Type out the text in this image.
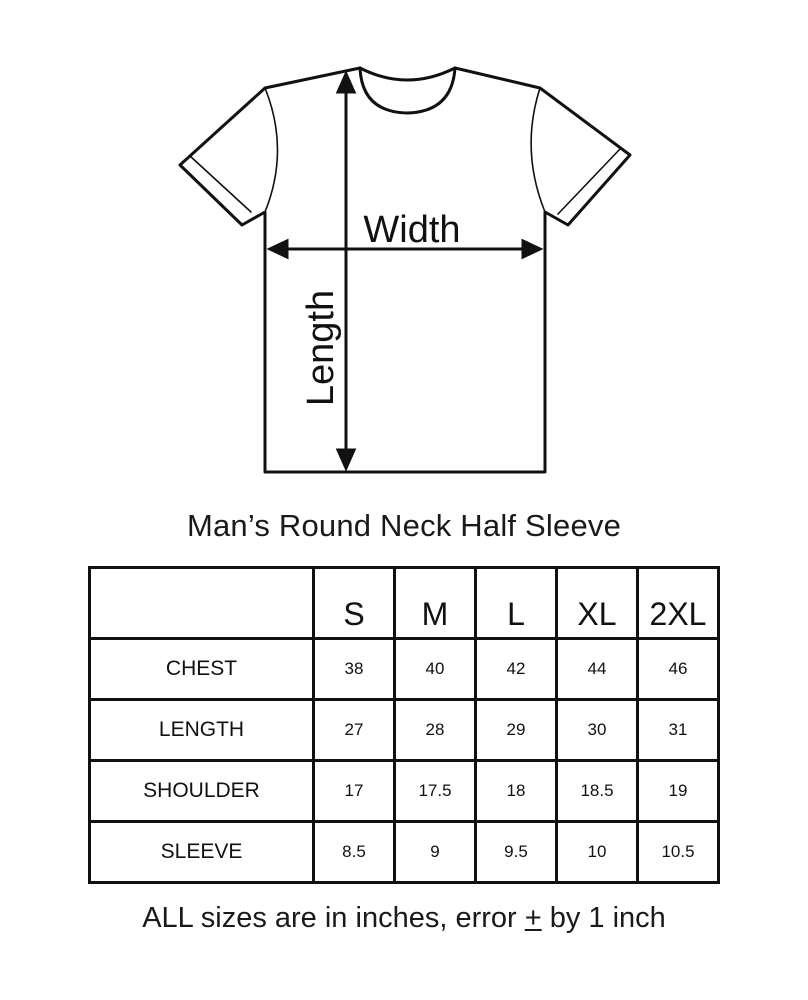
Width
Length
Man’s Round Neck Half Sleeve
	S	M	L	XL	2XL
CHEST	38	40	42	44	46
LENGTH	27	28	29	30	31
SHOULDER	17	17.5	18	18.5	19
SLEEVE	8.5	9	9.5	10	10.5
ALL sizes are in inches, error + by 1 inch
